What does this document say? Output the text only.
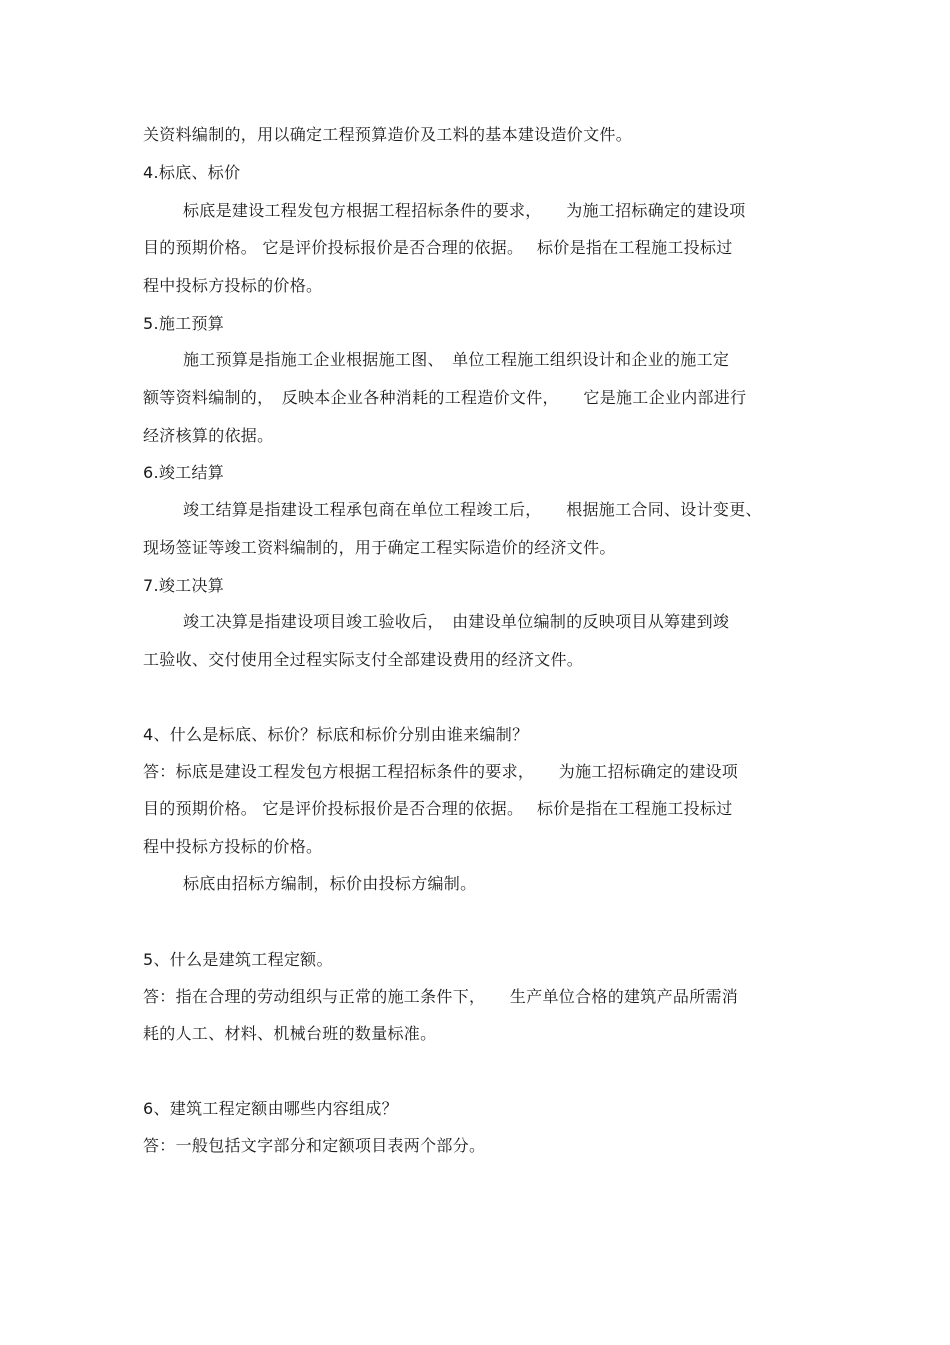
关资料编制的，用以确定工程预算造价及工料的基本建设造价文件。
4.标底、标价
标底是建设工程发包方根据工程招标条件的要求，　　为施工招标确定的建设项
目的预期价格。 它是评价投标报价是否合理的依据。　 标价是指在工程施工投标过
程中投标方投标的价格。
5.施工预算
施工预算是指施工企业根据施工图、　单位工程施工组织设计和企业的施工定
额等资料编制的，　反映本企业各种消耗的工程造价文件，　　它是施工企业内部进行
经济核算的依据。
6.竣工结算
竣工结算是指建设工程承包商在单位工程竣工后，　　根据施工合同、设计变更、
现场签证等竣工资料编制的，用于确定工程实际造价的经济文件。
7.竣工决算
竣工决算是指建设项目竣工验收后，　由建设单位编制的反映项目从筹建到竣
工验收、交付使用全过程实际支付全部建设费用的经济文件。
4、什么是标底、标价？标底和标价分别由谁来编制？
答：标底是建设工程发包方根据工程招标条件的要求，　　为施工招标确定的建设项
目的预期价格。 它是评价投标报价是否合理的依据。　 标价是指在工程施工投标过
程中投标方投标的价格。
标底由招标方编制，标价由投标方编制。
5、什么是建筑工程定额。
答：指在合理的劳动组织与正常的施工条件下，　　生产单位合格的建筑产品所需消
耗的人工、材料、机械台班的数量标准。
6、建筑工程定额由哪些内容组成？
答：一般包括文字部分和定额项目表两个部分。
